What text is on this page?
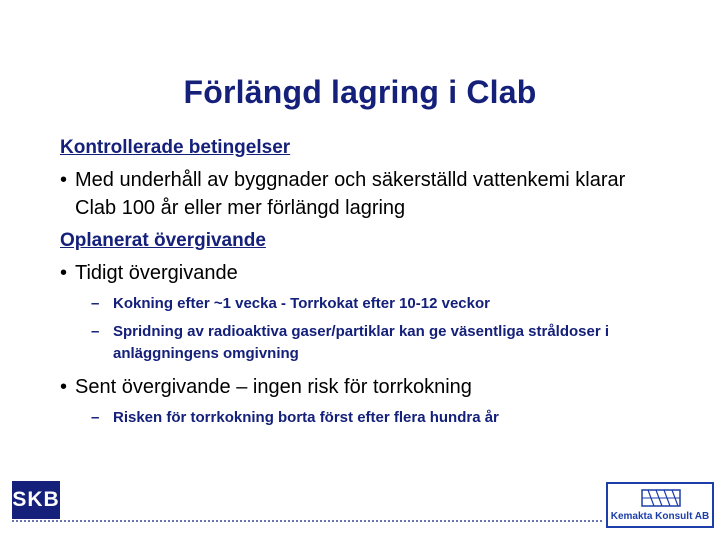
Förlängd lagring i Clab
Kontrollerade betingelser
• Med underhåll av byggnader och säkerställd vattenkemi klarar Clab 100 år eller mer förlängd lagring
Oplanerat övergivande
• Tidigt övergivande
– Kokning efter ~1 vecka - Torrkokat efter 10-12 veckor
– Spridning av radioaktiva gaser/partiklar kan ge väsentliga stråldoser i anläggningens omgivning
• Sent övergivande – ingen risk för torrkokning
– Risken för torrkokning borta först efter flera hundra år
SKB
Kemakta Konsult AB
